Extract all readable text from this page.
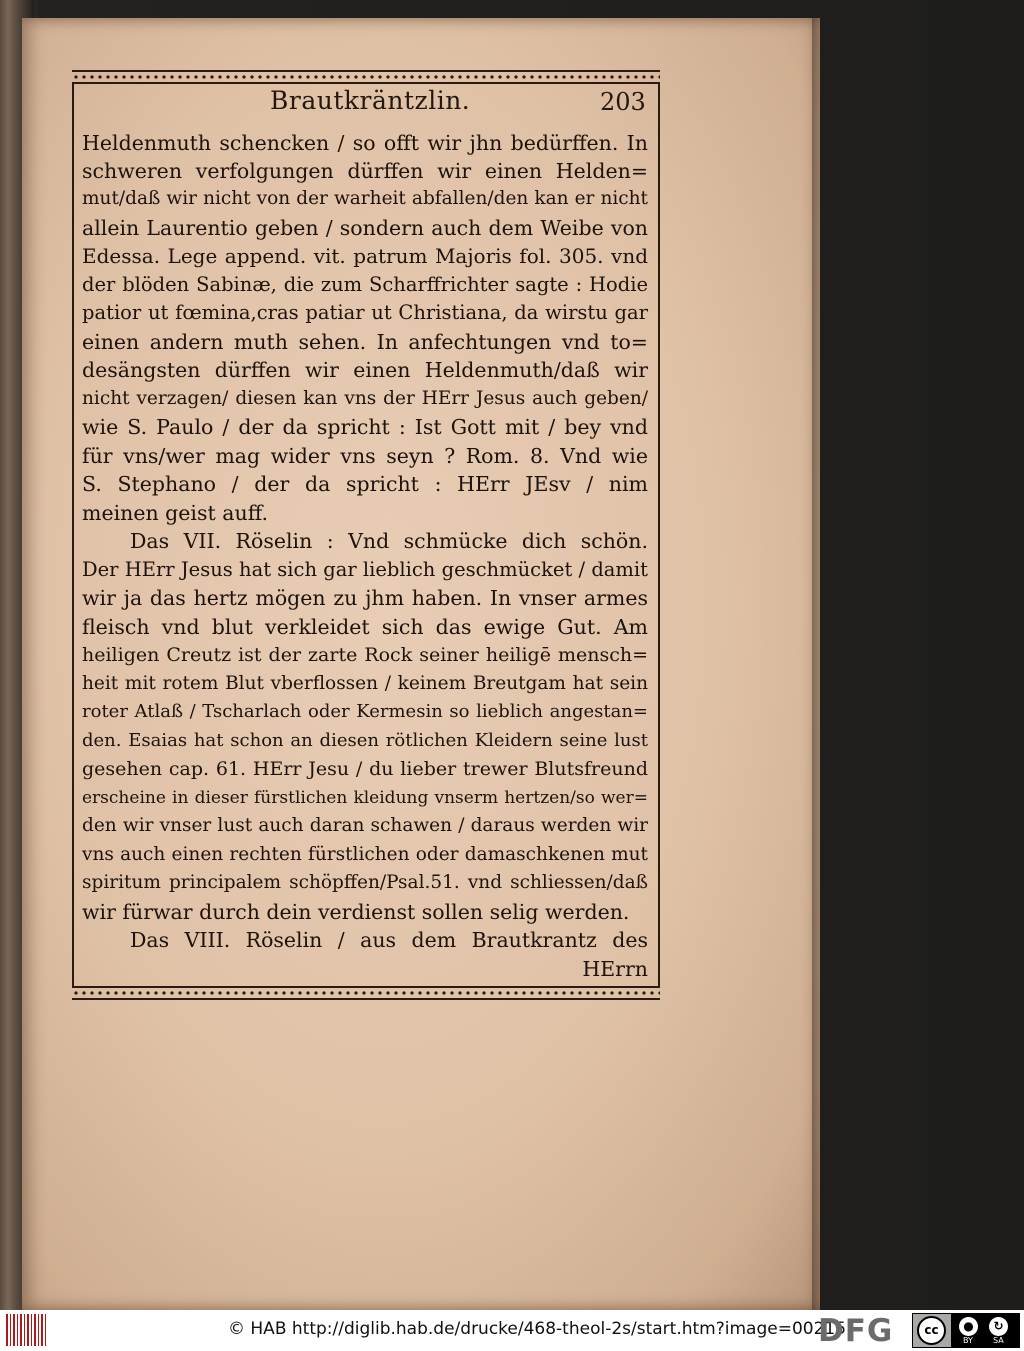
Brautkräntzlin.	203
Heldenmuth schencken / so offt wir jhn bedürffen. In
schweren verfolgungen dürffen wir einen Helden=
mut/daß wir nicht von der warheit abfallen/den kan er nicht
allein Laurentio geben / sondern auch dem Weibe von
Edessa. Lege append. vit. patrum Majoris fol. 305. vnd
der blöden Sabinæ, die zum Scharffrichter sagte : Hodie
patior ut fœmina,cras patiar ut Christiana, da wirstu gar
einen andern muth sehen. In anfechtungen vnd to=
desängsten dürffen wir einen Heldenmuth/daß wir
nicht verzagen/ diesen kan vns der HErr Jesus auch geben/
wie S. Paulo / der da spricht : Ist Gott mit / bey vnd
für vns/wer mag wider vns seyn ? Rom. 8. Vnd wie
S. Stephano / der da spricht : HErr JEsv / nim
meinen geist auff.
Das VII. Röselin : Vnd schmücke dich schön.
Der HErr Jesus hat sich gar lieblich geschmücket / damit
wir ja das hertz mögen zu jhm haben. In vnser armes
fleisch vnd blut verkleidet sich das ewige Gut. Am
heiligen Creutz ist der zarte Rock seiner heiligē mensch=
heit mit rotem Blut vberflossen / keinem Breutgam hat sein
roter Atlaß / Tscharlach oder Kermesin so lieblich angestan=
den. Esaias hat schon an diesen rötlichen Kleidern seine lust
gesehen cap. 61. HErr Jesu / du lieber trewer Blutsfreund
erscheine in dieser fürstlichen kleidung vnserm hertzen/so wer=
den wir vnser lust auch daran schawen / daraus werden wir
vns auch einen rechten fürstlichen oder damaschkenen mut
spiritum principalem schöpffen/Psal.51. vnd schliessen/daß
wir fürwar durch dein verdienst sollen selig werden.
Das VIII. Röselin / aus dem Brautkrantz des
HErrn
© HAB http://diglib.hab.de/drucke/468-theol-2s/start.htm?image=00215
DFG	cc	●	↻
BY	SA
